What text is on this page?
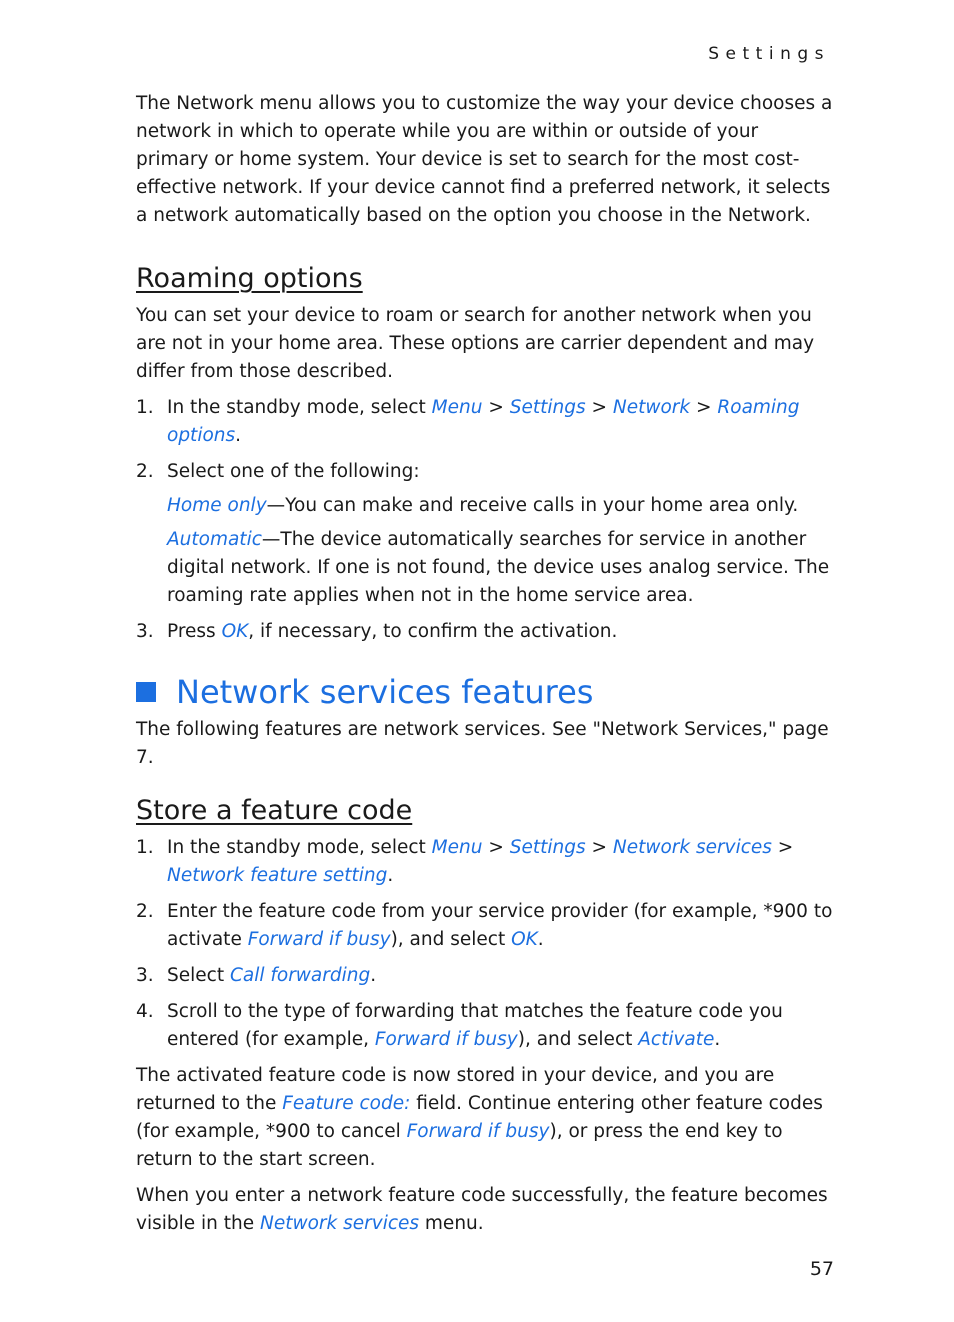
Settings

The Network menu allows you to customize the way your device chooses a network in which to operate while you are within or outside of your primary or home system. Your device is set to search for the most cost-effective network. If your device cannot find a preferred network, it selects a network automatically based on the option you choose in the Network.

Roaming options

You can set your device to roam or search for another network when you are not in your home area. These options are carrier dependent and may differ from those described.

1. In the standby mode, select Menu > Settings > Network > Roaming options.
2. Select one of the following:

Home only—You can make and receive calls in your home area only.

Automatic—The device automatically searches for service in another digital network. If one is not found, the device uses analog service. The roaming rate applies when not in the home service area.

3. Press OK, if necessary, to confirm the activation.
Network services features

The following features are network services. See "Network Services," page 7.

Store a feature code
1. In the standby mode, select Menu > Settings > Network services > Network feature setting.
2. Enter the feature code from your service provider (for example, *900 to activate Forward if busy), and select OK.
3. Select Call forwarding.
4. Scroll to the type of forwarding that matches the feature code you entered (for example, Forward if busy), and select Activate.

The activated feature code is now stored in your device, and you are returned to the Feature code: field. Continue entering other feature codes (for example, *900 to cancel Forward if busy), or press the end key to return to the start screen.

When you enter a network feature code successfully, the feature becomes visible in the Network services menu.

57
